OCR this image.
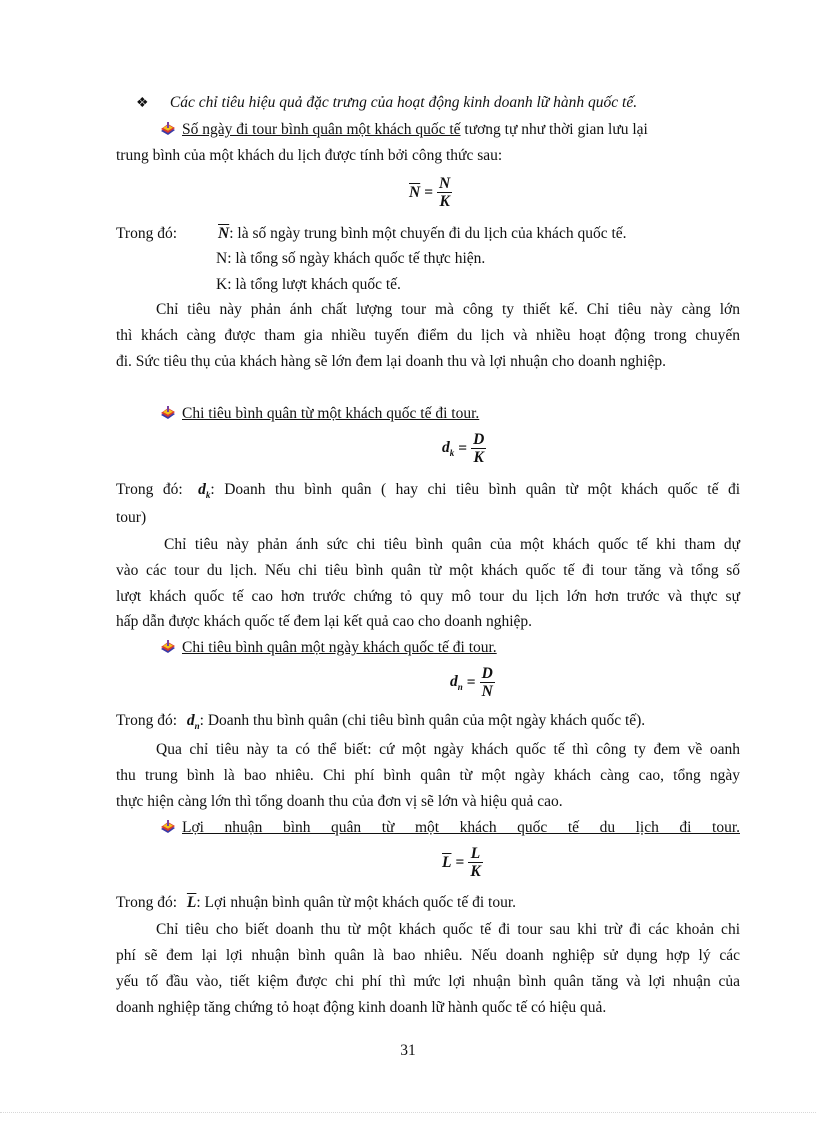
❖ Các chỉ tiêu hiệu quả đặc trưng của hoạt động kinh doanh lữ hành quốc tế.
Số ngày đi tour bình quân một khách quốc tế tương tự như thời gian lưu lại
trung bình của một khách du lịch được tính bởi công thức sau:
$\overline{N} = \frac{N}{K}$
Trong đó:	$\overline{N}$: là số ngày trung bình một chuyến đi du lịch của khách quốc tế.
N: là tổng số ngày khách quốc tế thực hiện.
K: là tổng lượt khách quốc tế.
Chỉ tiêu này phản ánh chất lượng tour mà công ty thiết kế. Chỉ tiêu này càng lớn
thì khách càng được tham gia nhiều tuyến điểm du lịch và nhiều hoạt động trong chuyến
đi. Sức tiêu thụ của khách hàng sẽ lớn đem lại doanh thu và lợi nhuận cho doanh nghiệp.
Chi tiêu bình quân từ một khách quốc tế đi tour.
$d_k = \frac{D}{K}$
Trong đó: $d_k$: Doanh thu bình quân ( hay chi tiêu bình quân từ một khách quốc tế đi
tour)
Chỉ tiêu này phản ánh sức chi tiêu bình quân của một khách quốc tế khi tham dự
vào các tour du lịch. Nếu chi tiêu bình quân từ một khách quốc tế đi tour tăng và tổng số
lượt khách quốc tế cao hơn trước chứng tỏ quy mô tour du lịch lớn hơn trước và thực sự
hấp dẫn được khách quốc tế đem lại kết quả cao cho doanh nghiệp.
Chi tiêu bình quân một ngày khách quốc tế đi tour.
$d_n = \frac{D}{N}$
Trong đó: $d_n$: Doanh thu bình quân (chi tiêu bình quân của một ngày khách quốc tế).
Qua chỉ tiêu này ta có thể biết: cứ một ngày khách quốc tế thì công ty đem về oanh
thu trung bình là bao nhiêu. Chi phí bình quân từ một ngày khách càng cao, tổng ngày
thực hiện càng lớn thì tổng doanh thu của đơn vị sẽ lớn và hiệu quả cao.
Lợi nhuận bình quân từ một khách quốc tế du lịch đi tour.
$\overline{L} = \frac{L}{K}$
Trong đó: $\overline{L}$: Lợi nhuận bình quân từ một khách quốc tế đi tour.
Chỉ tiêu cho biết doanh thu từ một khách quốc tế đi tour sau khi trừ đi các khoản chi
phí sẽ đem lại lợi nhuận bình quân là bao nhiêu. Nếu doanh nghiệp sử dụng hợp lý các
yếu tố đầu vào, tiết kiệm được chi phí thì mức lợi nhuận bình quân tăng và lợi nhuận của
doanh nghiệp tăng chứng tỏ hoạt động kinh doanh lữ hành quốc tế có hiệu quả.
31
